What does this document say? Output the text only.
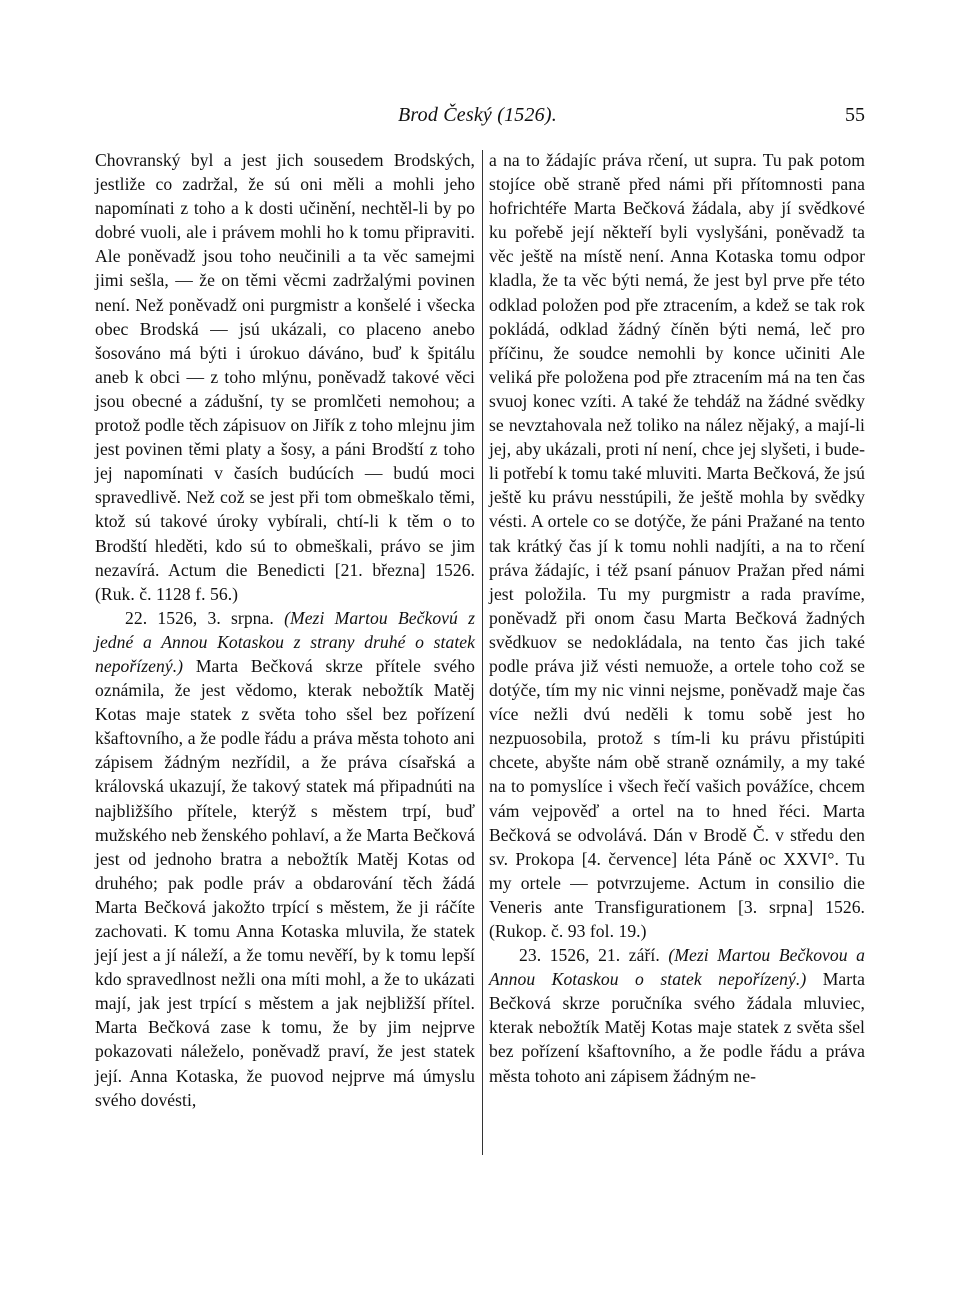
Brod Český (1526).	55

Chovranský byl a jest jich sousedem Brodských, jestliže co zadržal, že sú oni měli a mohli jeho napomínati z toho a k dosti učinění, nechtěl-li by po dobré vuoli, ale i právem mohli ho k tomu připraviti. Ale poněvadž jsou toho neučinili a ta věc samejmi jimi sešla, — že on těmi věcmi zadržalými povinen není. Než poněvadž oni purgmistr a konšelé i všecka obec Brodská — jsú ukázali, co placeno anebo šosováno má býti i úrokuo dáváno, buď k špitálu aneb k obci — z toho mlýnu, poněvadž takové věci jsou obecné a zádušní, ty se promlčeti nemohou; a protož podle těch zápisuov on Jiřík z toho mlejnu jim jest povinen těmi platy a šosy, a páni Brodští z toho jej napomínati v časích budúcích — budú moci spravedlivě. Než což se jest při tom obmeškalo těmi, ktož sú takové úroky vybírali, chtí-li k těm o to Brodští hleděti, kdo sú to obmeškali, právo se jim nezavírá. Actum die Benedicti [21. března] 1526. (Ruk. č. 1128 f. 56.)

22. 1526, 3. srpna. (Mezi Martou Bečkovú z jedné a Annou Kotaskou z strany druhé o statek nepořízený.) Marta Bečková skrze přítele svého oznámila, že jest vědomo, kterak nebožtík Matěj Kotas maje statek z světa toho sšel bez pořízení kšaftovního, a že podle řádu a práva města tohoto ani zápisem žádným nezřídil, a že práva císařská a královská ukazují, že takový statek má připadnúti na najbližšího přítele, kterýž s městem trpí, buď mužského neb ženského pohlaví, a že Marta Bečková jest od jednoho bratra a nebožtík Matěj Kotas od druhého; pak podle práv a obdarování těch žádá Marta Bečková jakožto trpící s městem, že ji ráčíte zachovati. K tomu Anna Kotaska mluvila, že statek její jest a jí náleží, a že tomu nevěří, by k tomu lepší kdo spravedlnost nežli ona míti mohl, a že to ukázati mají, jak jest trpící s městem a jak nejbližší přítel. Marta Bečková zase k tomu, že by jim nejprve pokazovati náleželo, poněvadž praví, že jest statek její. Anna Kotaska, že puovod nejprve má úmyslu svého dovésti,

a na to žádajíc práva rčení, ut supra. Tu pak potom stojíce obě straně před námi při přítomnosti pana hofrichtéře Marta Bečková žádala, aby jí svědkové ku pořebě její někteří byli vyslyšáni, poněvadž ta věc ještě na místě není. Anna Kotaska tomu odpor kladla, že ta věc býti nemá, že jest byl prve pře této odklad položen pod pře ztracením, a kdež se tak rok pokládá, odklad žádný číněn býti nemá, leč pro příčinu, že soudce nemohli by konce učiniti Ale veliká pře položena pod pře ztracením má na ten čas svuoj konec vzíti. A také že tehdáž na žádné svědky se nevztahovala než toliko na nález nějaký, a mají-li jej, aby ukázali, proti ní není, chce jej slyšeti, i bude-li potřebí k tomu také mluviti. Marta Bečková, že jsú ještě ku právu nesstúpili, že ještě mohla by svědky vésti. A ortele co se dotýče, že páni Pražané na tento tak krátký čas jí k tomu nohli nadjíti, a na to rčení práva žádajíc, i též psaní pánuov Pražan před námi jest položila. Tu my purgmistr a rada pravíme, poněvadž při onom času Marta Bečková žadných svědkuov se nedokládala, na tento čas jich také podle práva již vésti nemuože, a ortele toho což se dotýče, tím my nic vinni nejsme, poněvadž maje čas více nežli dvú neděli k tomu sobě jest ho nezpuosobila, protož s tím-li ku právu přistúpiti chcete, abyšte nám obě straně oznámily, a my také na to pomyslíce i všech řečí vašich povážíce, chcem vám vejpověď a ortel na to hned řéci. Marta Bečková se odvolává. Dán v Brodě Č. v středu den sv. Prokopa [4. července] léta Páně oc XXVI°. Tu my ortele — potvrzujeme. Actum in consilio die Veneris ante Transfigurationem [3. srpna] 1526. (Rukop. č. 93 fol. 19.)

23. 1526, 21. září. (Mezi Martou Bečkovou a Annou Kotaskou o statek nepořízený.) Marta Bečková skrze poručníka svého žádala mluviec, kterak nebožtík Matěj Kotas maje statek z světa sšel bez pořízení kšaftovního, a že podle řádu a práva města tohoto ani zápisem žádným ne-
